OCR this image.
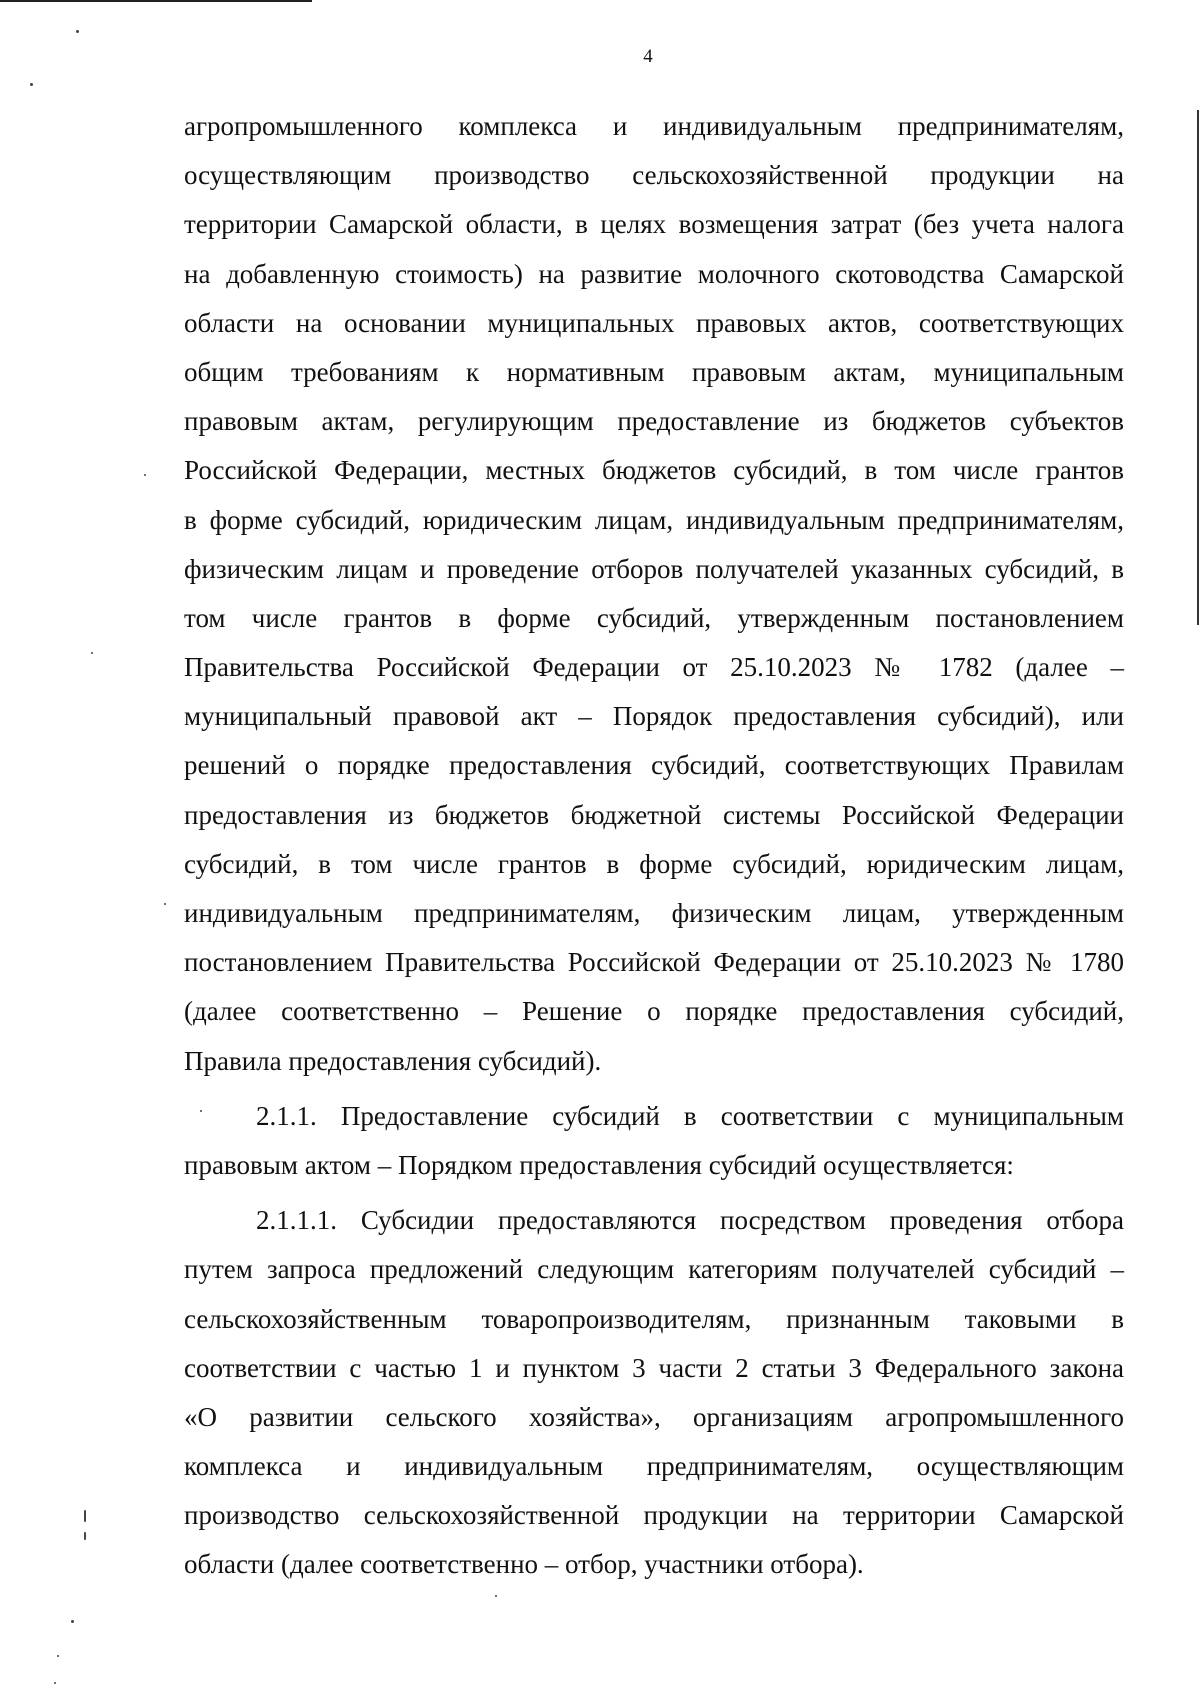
4
агропромышленного комплекса и индивидуальным предпринимателям,
осуществляющим производство сельскохозяйственной продукции на
территории Самарской области, в целях возмещения затрат (без учета налога
на добавленную стоимость) на развитие молочного скотоводства Самарской
области на основании муниципальных правовых актов, соответствующих
общим требованиям к нормативным правовым актам, муниципальным
правовым актам, регулирующим предоставление из бюджетов субъектов
Российской Федерации, местных бюджетов субсидий, в том числе грантов
в форме субсидий, юридическим лицам, индивидуальным предпринимателям,
физическим лицам и проведение отборов получателей указанных субсидий, в
том числе грантов в форме субсидий, утвержденным постановлением
Правительства Российской Федерации от 25.10.2023 № 1782 (далее –
муниципальный правовой акт – Порядок предоставления субсидий), или
решений о порядке предоставления субсидий, соответствующих Правилам
предоставления из бюджетов бюджетной системы Российской Федерации
субсидий, в том числе грантов в форме субсидий, юридическим лицам,
индивидуальным предпринимателям, физическим лицам, утвержденным
постановлением Правительства Российской Федерации от 25.10.2023 № 1780
(далее соответственно – Решение о порядке предоставления субсидий,
Правила предоставления субсидий).
2.1.1. Предоставление субсидий в соответствии с муниципальным
правовым актом – Порядком предоставления субсидий осуществляется:
2.1.1.1. Субсидии предоставляются посредством проведения отбора
путем запроса предложений следующим категориям получателей субсидий –
сельскохозяйственным товаропроизводителям, признанным таковыми в
соответствии с частью 1 и пунктом 3 части 2 статьи 3 Федерального закона
«О развитии сельского хозяйства», организациям агропромышленного
комплекса и индивидуальным предпринимателям, осуществляющим
производство сельскохозяйственной продукции на территории Самарской
области (далее соответственно – отбор, участники отбора).
